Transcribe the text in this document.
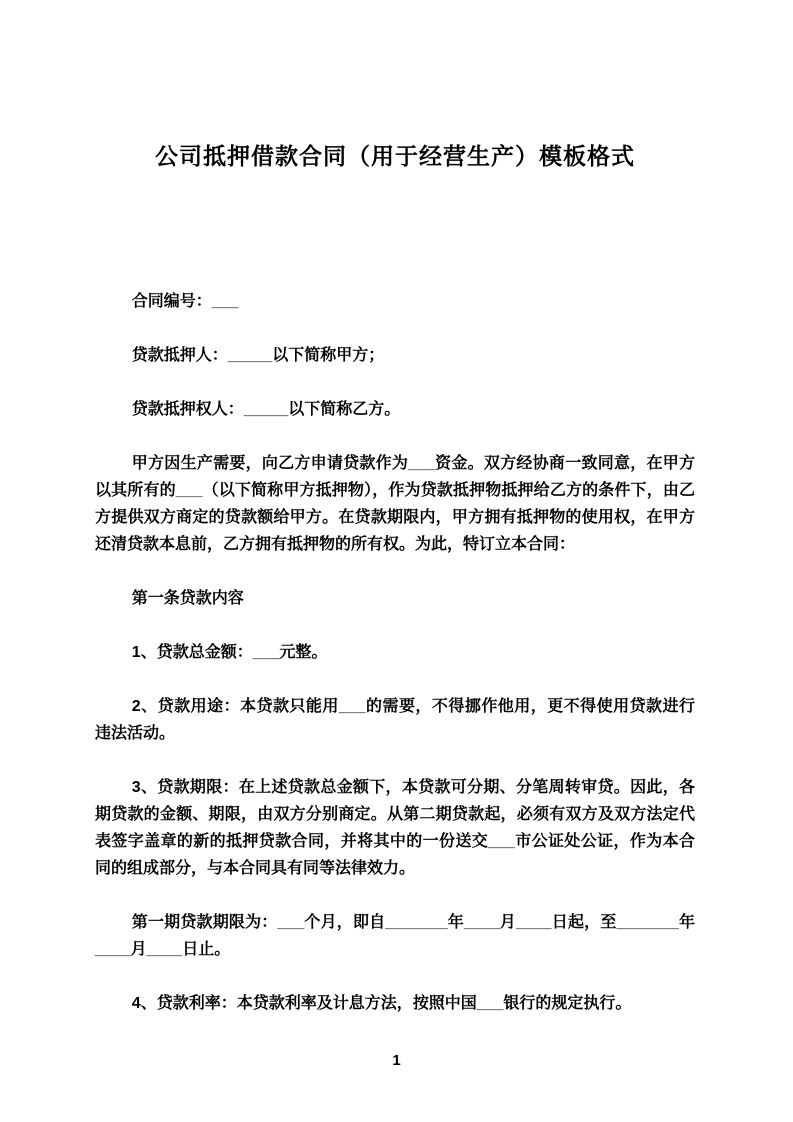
公司抵押借款合同（用于经营生产）模板格式

合同编号：___

贷款抵押人：_____以下简称甲方；

贷款抵押权人：_____以下简称乙方。

甲方因生产需要，向乙方申请贷款作为___资金。双方经协商一致同意，在甲方以其所有的___（以下简称甲方抵押物），作为贷款抵押物抵押给乙方的条件下，由乙方提供双方商定的贷款额给甲方。在贷款期限内，甲方拥有抵押物的使用权，在甲方还清贷款本息前，乙方拥有抵押物的所有权。为此，特订立本合同：

第一条贷款内容

1、贷款总金额：___元整。

2、贷款用途：本贷款只能用___的需要，不得挪作他用，更不得使用贷款进行违法活动。

3、贷款期限：在上述贷款总金额下，本贷款可分期、分笔周转审贷。因此，各期贷款的金额、期限，由双方分别商定。从第二期贷款起，必须有双方及双方法定代表签字盖章的新的抵押贷款合同，并将其中的一份送交___市公证处公证，作为本合同的组成部分，与本合同具有同等法律效力。

第一期贷款期限为：___个月，即自_______年____月____日起，至_______年____月____日止。

4、贷款利率：本贷款利率及计息方法，按照中国___银行的规定执行。

1
